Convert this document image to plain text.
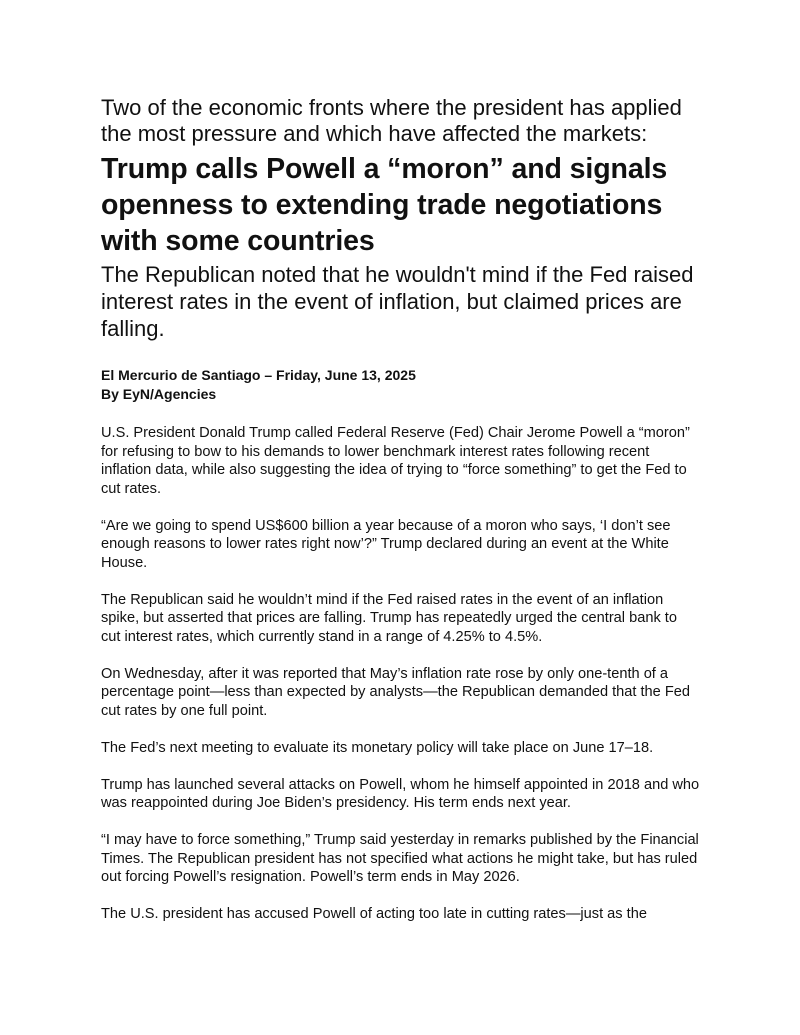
Two of the economic fronts where the president has applied the most pressure and which have affected the markets:

Trump calls Powell a “moron” and signals openness to extending trade negotiations with some countries

The Republican noted that he wouldn't mind if the Fed raised interest rates in the event of inflation, but claimed prices are falling.

El Mercurio de Santiago – Friday, June 13, 2025
By EyN/Agencies

U.S. President Donald Trump called Federal Reserve (Fed) Chair Jerome Powell a “moron” for refusing to bow to his demands to lower benchmark interest rates following recent inflation data, while also suggesting the idea of trying to “force something” to get the Fed to cut rates.

“Are we going to spend US$600 billion a year because of a moron who says, ‘I don’t see enough reasons to lower rates right now’?” Trump declared during an event at the White House.

The Republican said he wouldn’t mind if the Fed raised rates in the event of an inflation spike, but asserted that prices are falling. Trump has repeatedly urged the central bank to cut interest rates, which currently stand in a range of 4.25% to 4.5%.

On Wednesday, after it was reported that May’s inflation rate rose by only one-tenth of a percentage point—less than expected by analysts—the Republican demanded that the Fed cut rates by one full point.

The Fed’s next meeting to evaluate its monetary policy will take place on June 17–18.

Trump has launched several attacks on Powell, whom he himself appointed in 2018 and who was reappointed during Joe Biden’s presidency. His term ends next year.

“I may have to force something,” Trump said yesterday in remarks published by the Financial Times. The Republican president has not specified what actions he might take, but has ruled out forcing Powell’s resignation. Powell’s term ends in May 2026.

The U.S. president has accused Powell of acting too late in cutting rates—just as the
